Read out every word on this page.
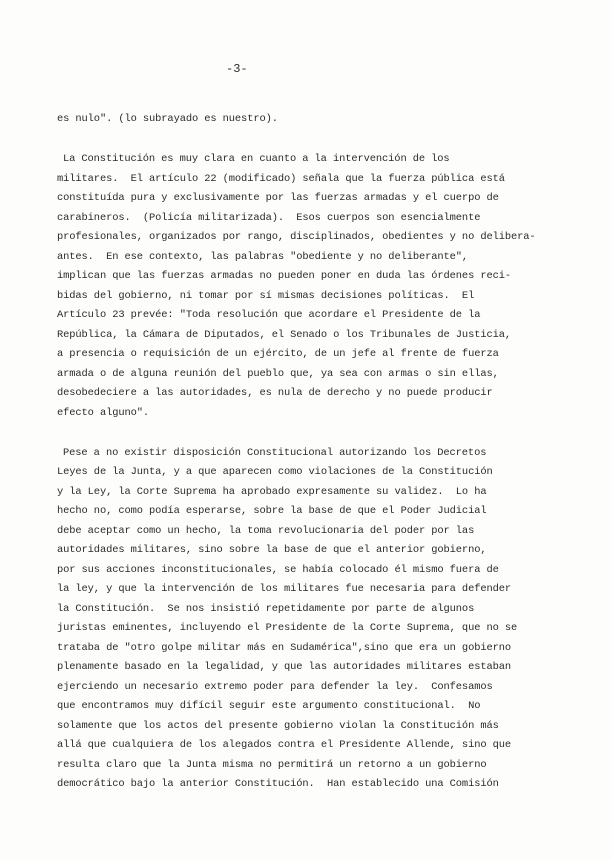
-3-
es nulo". (lo subrayado es nuestro).
La Constitución es muy clara en cuanto a la intervención de los
militares.  El artículo 22 (modificado) señala que la fuerza pública está
constituída pura y exclusivamente por las fuerzas armadas y el cuerpo de
carabineros.  (Policía militarizada).  Esos cuerpos son esencialmente
profesionales, organizados por rango, disciplinados, obedientes y no delibera-
antes.  En ese contexto, las palabras "obediente y no deliberante",
implican que las fuerzas armadas no pueden poner en duda las órdenes reci-
bidas del gobierno, ni tomar por sí mismas decisiones políticas.  El
Artículo 23 prevée: "Toda resolución que acordare el Presidente de la
República, la Cámara de Diputados, el Senado o los Tribunales de Justicia,
a presencia o requisición de un ejército, de un jefe al frente de fuerza
armada o de alguna reunión del pueblo que, ya sea con armas o sin ellas,
desobedeciere a las autoridades, es nula de derecho y no puede producir
efecto alguno".
Pese a no existir disposición Constitucional autorizando los Decretos
Leyes de la Junta, y a que aparecen como violaciones de la Constitución
y la Ley, la Corte Suprema ha aprobado expresamente su validez.  Lo ha
hecho no, como podía esperarse, sobre la base de que el Poder Judicial
debe aceptar como un hecho, la toma revolucionaria del poder por las
autoridades militares, sino sobre la base de que el anterior gobierno,
por sus acciones inconstitucionales, se había colocado él mismo fuera de
la ley, y que la intervención de los militares fue necesaria para defender
la Constitución.  Se nos insistió repetidamente por parte de algunos
juristas eminentes, incluyendo el Presidente de la Corte Suprema, que no se
trataba de "otro golpe militar más en Sudamérica",sino que era un gobierno
plenamente basado en la legalidad, y que las autoridades militares estaban
ejerciendo un necesario extremo poder para defender la ley.  Confesamos
que encontramos muy difícil seguir este argumento constitucional.  No
solamente que los actos del presente gobierno violan la Constitución más
allá que cualquiera de los alegados contra el Presidente Allende, sino que
resulta claro que la Junta misma no permitirá un retorno a un gobierno
democrático bajo la anterior Constitución.  Han establecido una Comisión
